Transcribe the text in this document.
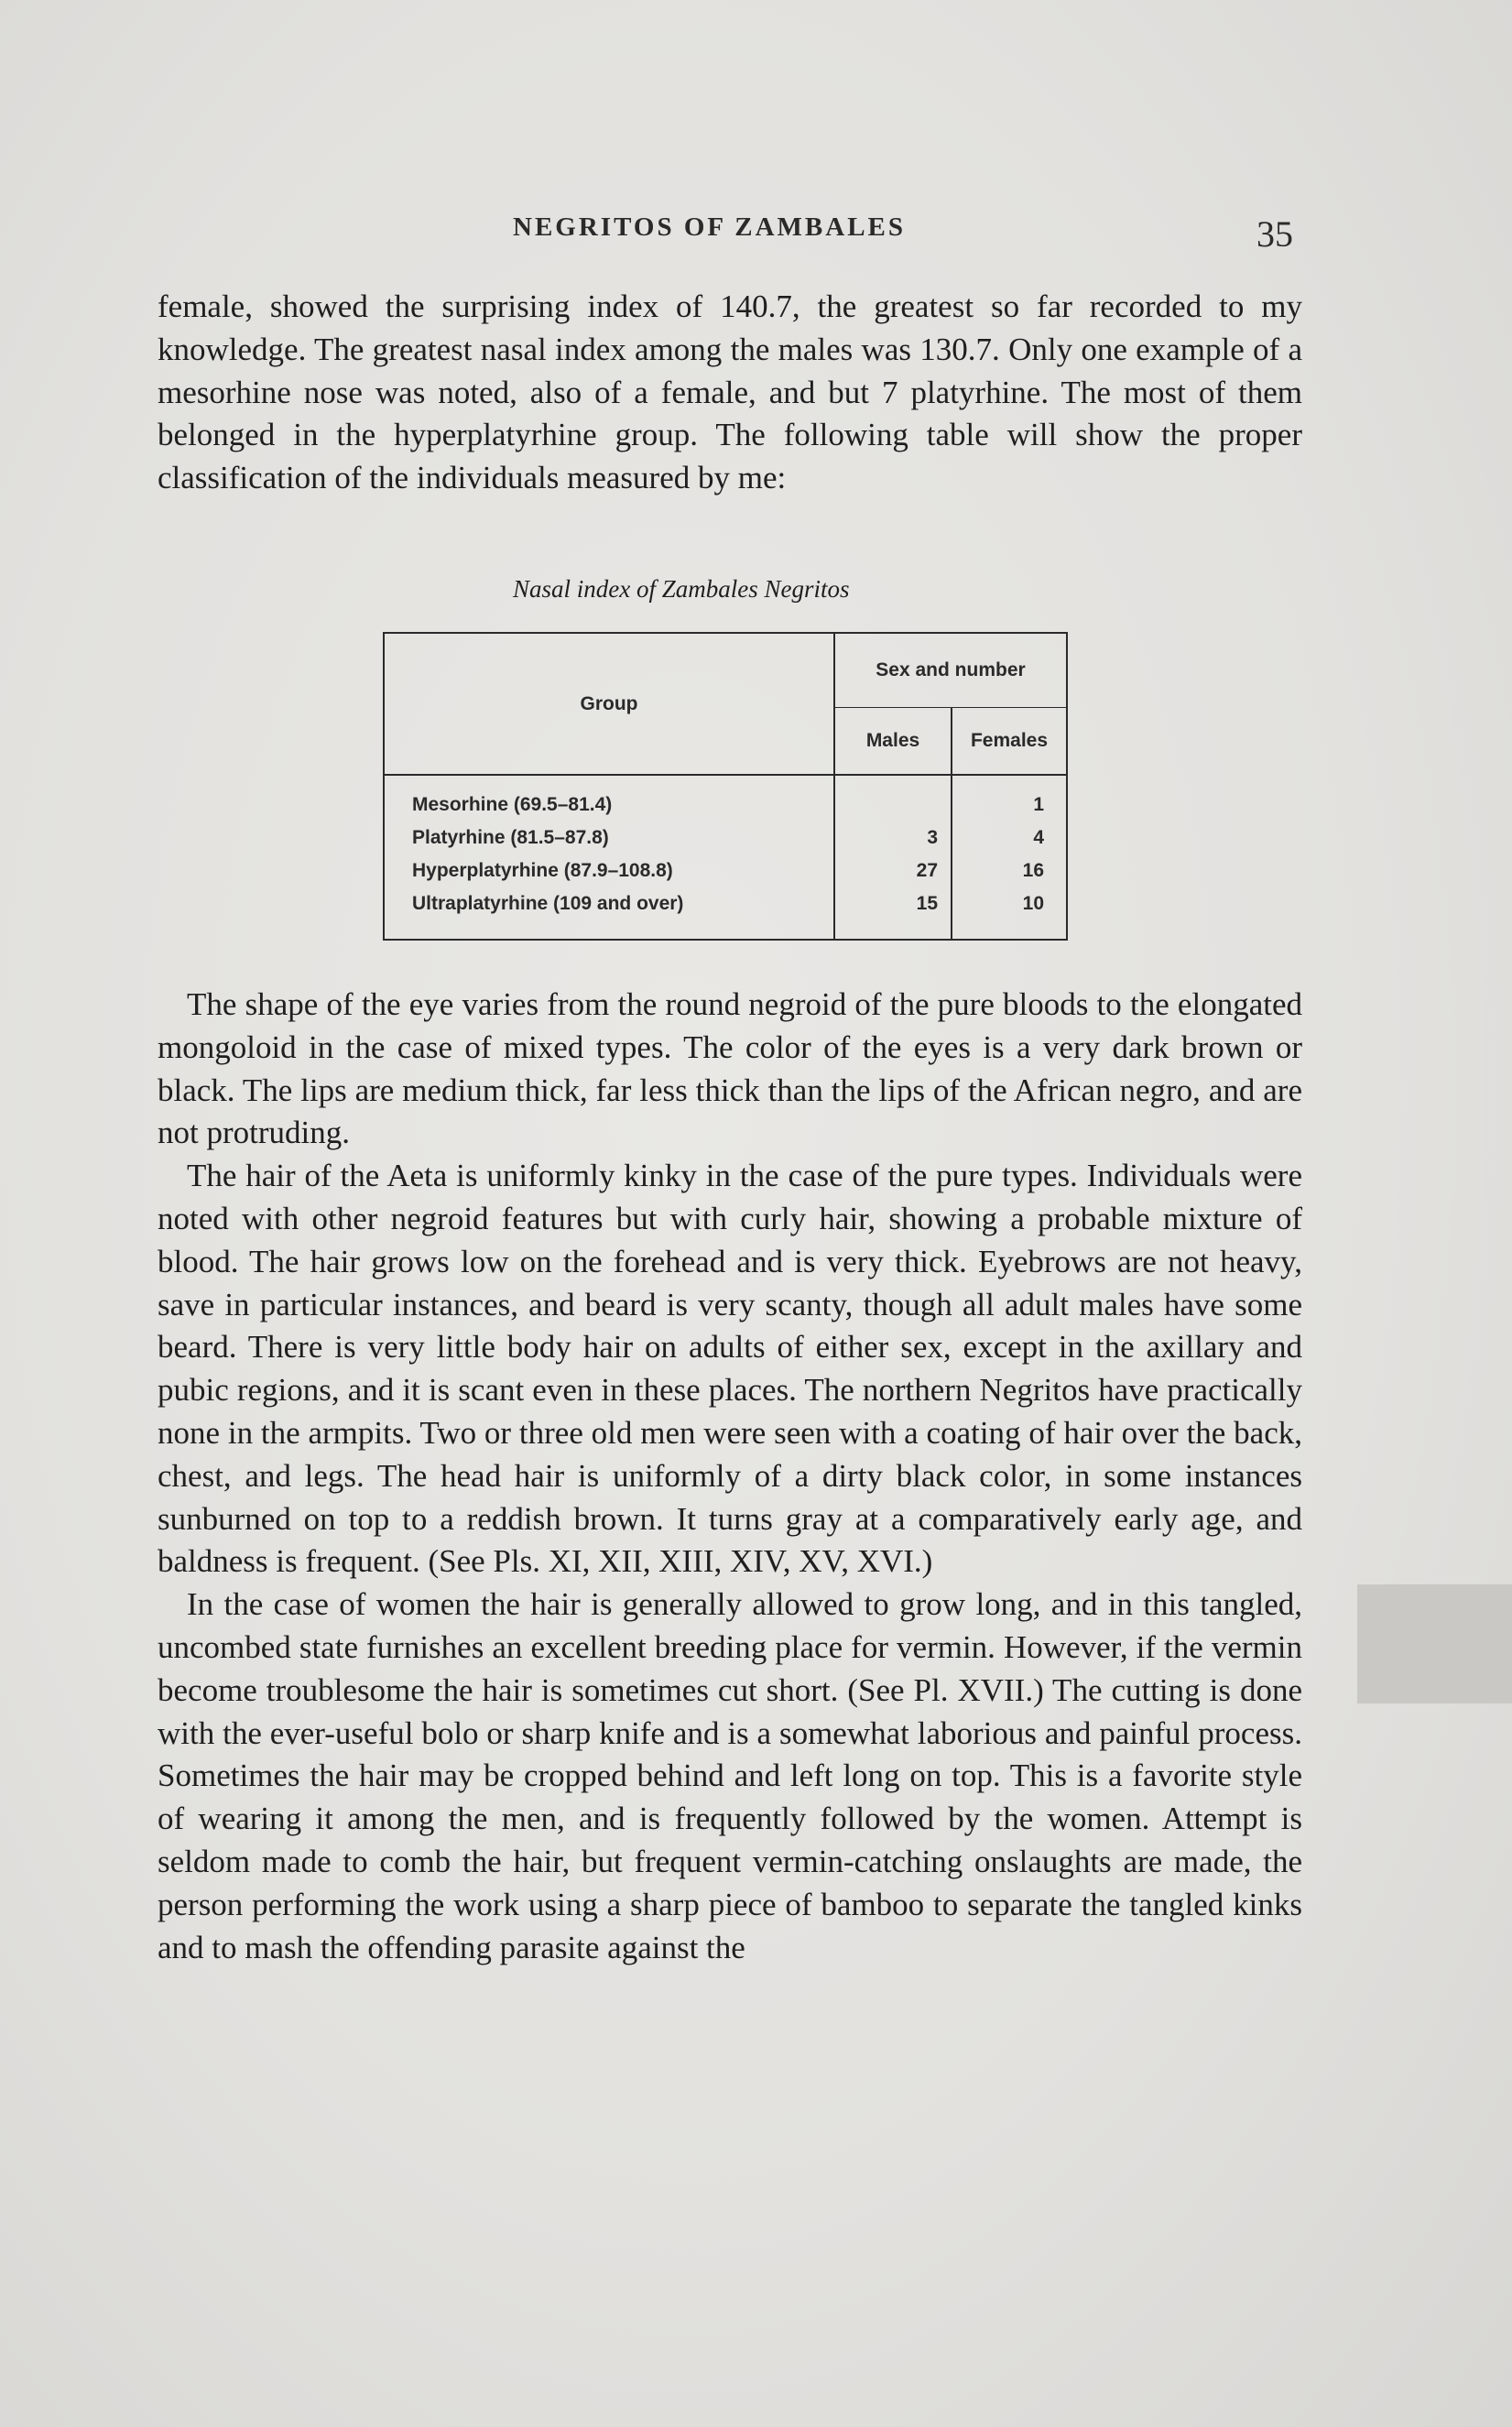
NEGRITOS OF ZAMBALES	35

female, showed the surprising index of 140.7, the greatest so far recorded to my knowledge. The greatest nasal index among the males was 130.7. Only one example of a mesorhine nose was noted, also of a female, and but 7 platyrhine. The most of them belonged in the hyperplatyrhine group. The following table will show the proper classification of the individuals measured by me:

Nasal index of Zambales Negritos
Group	Sex and number	
	Males	Females
Mesorhine (69.5–81.4)		1
Platyrhine (81.5–87.8)	3	4
Hyperplatyrhine (87.9–108.8)	27	16
Ultraplatyrhine (109 and over)	15	10

The shape of the eye varies from the round negroid of the pure bloods to the elongated mongoloid in the case of mixed types. The color of the eyes is a very dark brown or black. The lips are medium thick, far less thick than the lips of the African negro, and are not protruding.

The hair of the Aeta is uniformly kinky in the case of the pure types. Individuals were noted with other negroid features but with curly hair, showing a probable mixture of blood. The hair grows low on the forehead and is very thick. Eyebrows are not heavy, save in particular instances, and beard is very scanty, though all adult males have some beard. There is very little body hair on adults of either sex, except in the axillary and pubic regions, and it is scant even in these places. The northern Negritos have practically none in the armpits. Two or three old men were seen with a coating of hair over the back, chest, and legs. The head hair is uniformly of a dirty black color, in some instances sunburned on top to a reddish brown. It turns gray at a comparatively early age, and baldness is frequent. (See Pls. XI, XII, XIII, XIV, XV, XVI.)

In the case of women the hair is generally allowed to grow long, and in this tangled, uncombed state furnishes an excellent breeding place for vermin. However, if the vermin become troublesome the hair is sometimes cut short. (See Pl. XVII.) The cutting is done with the ever-useful bolo or sharp knife and is a somewhat laborious and painful process. Sometimes the hair may be cropped behind and left long on top. This is a favorite style of wearing it among the men, and is frequently followed by the women. Attempt is seldom made to comb the hair, but frequent vermin-catching onslaughts are made, the person performing the work using a sharp piece of bamboo to separate the tangled kinks and to mash the offending parasite against the
